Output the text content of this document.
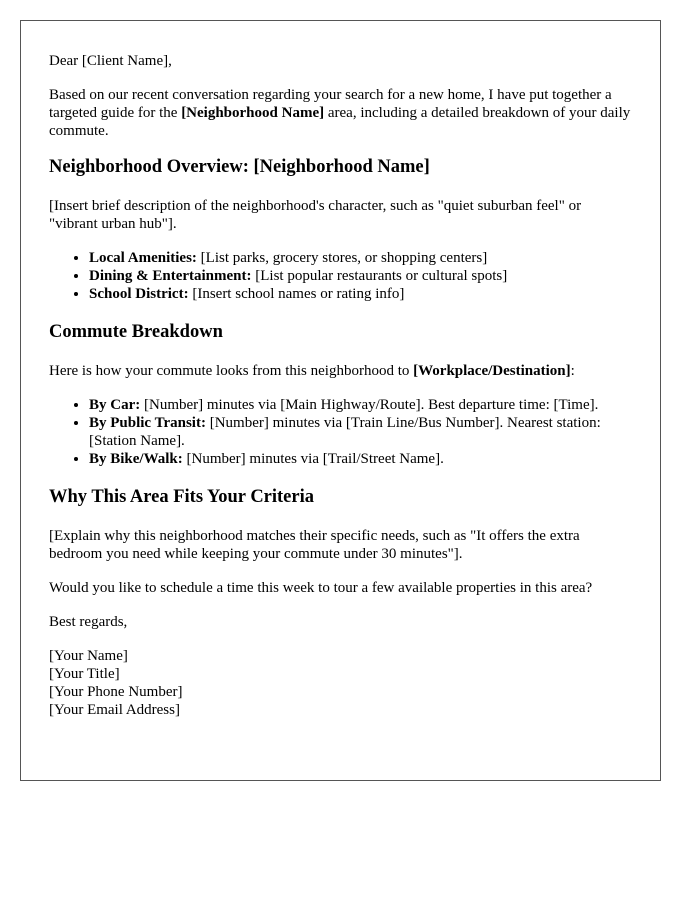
Dear [Client Name],

Based on our recent conversation regarding your search for a new home, I have put together a targeted guide for the [Neighborhood Name] area, including a detailed breakdown of your daily commute.

Neighborhood Overview: [Neighborhood Name]

[Insert brief description of the neighborhood's character, such as "quiet suburban feel" or "vibrant urban hub"].

• Local Amenities: [List parks, grocery stores, or shopping centers]
• Dining & Entertainment: [List popular restaurants or cultural spots]
• School District: [Insert school names or rating info]
Commute Breakdown

Here is how your commute looks from this neighborhood to [Workplace/Destination]:

• By Car: [Number] minutes via [Main Highway/Route]. Best departure time: [Time].
• By Public Transit: [Number] minutes via [Train Line/Bus Number]. Nearest station: [Station Name].
• By Bike/Walk: [Number] minutes via [Trail/Street Name].
Why This Area Fits Your Criteria

[Explain why this neighborhood matches their specific needs, such as "It offers the extra bedroom you need while keeping your commute under 30 minutes"].

Would you like to schedule a time this week to tour a few available properties in this area?

Best regards,

[Your Name]
[Your Title]
[Your Phone Number]
[Your Email Address]
